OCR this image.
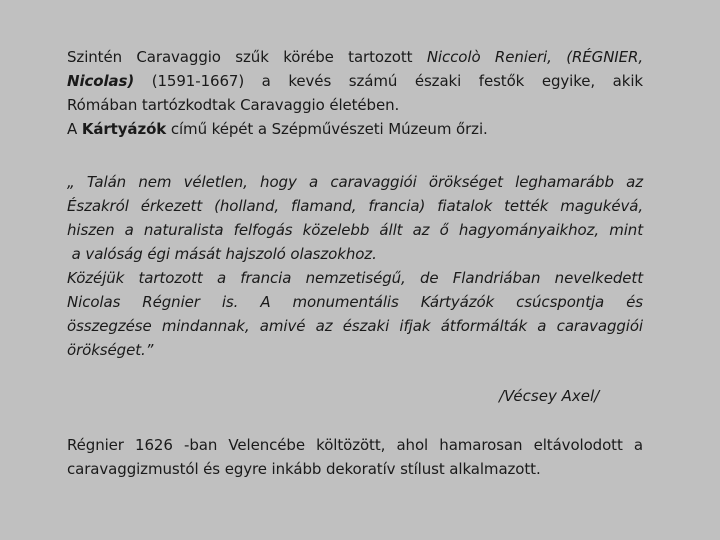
Szintén Caravaggio szűk körébe tartozott Niccolò Renieri, (RÉGNIER,
Nicolas) (1591-1667) a kevés számú északi festők egyike, akik
Rómában tartózkodtak Caravaggio életében.
A Kártyázók című képét a Szépművészeti Múzeum őrzi.
„ Talán nem véletlen, hogy a caravaggiói örökséget leghamarább az
Északról érkezett (holland, flamand, francia) fiatalok tették magukévá,
hiszen a naturalista felfogás közelebb állt az ő hagyományaikhoz, mint
a valóság égi mását hajszoló olaszokhoz.
Közéjük tartozott a francia nemzetiségű, de Flandriában nevelkedett
Nicolas Régnier is. A monumentális Kártyázók csúcspontja és
összegzése mindannak, amivé az északi ifjak átformálták a caravaggiói
örökséget.”
/Vécsey Axel/
Régnier 1626 -ban Velencébe költözött, ahol hamarosan eltávolodott a
caravaggizmustól és egyre inkább dekoratív stílust alkalmazott.
